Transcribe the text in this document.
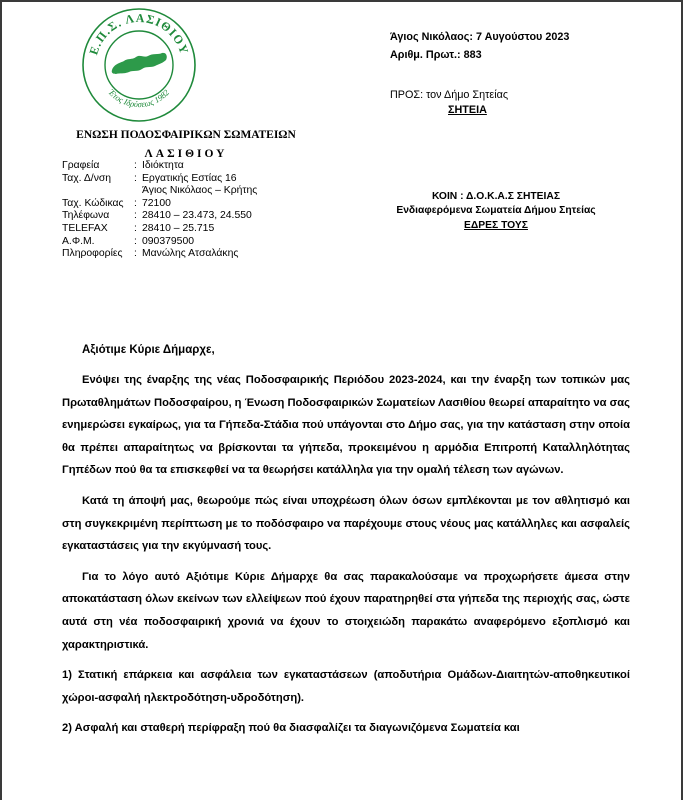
Ε.Π.Σ. ΛΑΣΙΘΙΟΥ
Έτος Ιδρύσεως 1982
ΕΝΩΣΗ ΠΟΔΟΣΦΑΙΡΙΚΩΝ ΣΩΜΑΤΕΙΩΝ
ΛΑΣΙΘΙΟΥ
Γραφεία	: Ιδιόκτητα
Ταχ. Δ/νση	: Εργατικής Εστίας 16
Άγιος Νικόλαος – Κρήτης
Ταχ. Κώδικας	: 72100
Τηλέφωνα	: 28410 – 23.473, 24.550
TELEFAX	: 28410 – 25.715
Α.Φ.Μ.	: 090379500
Πληροφορίες	: Μανώλης Ατσαλάκης
Άγιος Νικόλαος: 7 Αυγούστου 2023
Αριθμ. Πρωτ.: 883
ΠΡΟΣ: τον Δήμο Σητείας
ΣΗΤΕΙΑ
ΚΟΙΝ : Δ.Ο.Κ.Α.Σ ΣΗΤΕΙΑΣ
Ενδιαφερόμενα Σωματεία Δήμου Σητείας
ΕΔΡΕΣ ΤΟΥΣ
Αξιότιμε Κύριε Δήμαρχε,

Ενόψει της έναρξης της νέας Ποδοσφαιρικής Περιόδου 2023-2024, και την έναρξη των τοπικών μας Πρωταθλημάτων Ποδοσφαίρου, η Ένωση Ποδοσφαιρικών Σωματείων Λασιθίου θεωρεί απαραίτητο να σας ενημερώσει εγκαίρως, για τα Γήπεδα-Στάδια πού υπάγονται στο Δήμο σας, για την κατάσταση στην οποία θα πρέπει απαραίτητως να βρίσκονται τα γήπεδα, προκειμένου η αρμόδια Επιτροπή Καταλληλότητας Γηπέδων πού θα τα επισκεφθεί να τα θεωρήσει κατάλληλα για την ομαλή τέλεση των αγώνων.

Κατά τη άποψή μας, θεωρούμε πώς είναι υποχρέωση όλων όσων εμπλέκονται με τον αθλητισμό και στη συγκεκριμένη περίπτωση με το ποδόσφαιρο να παρέχουμε στους νέους μας κατάλληλες και ασφαλείς εγκαταστάσεις για την εκγύμνασή τους.

Για το λόγο αυτό Αξιότιμε Κύριε Δήμαρχε θα σας παρακαλούσαμε να προχωρήσετε άμεσα στην αποκατάσταση όλων εκείνων των ελλείψεων πού έχουν παρατηρηθεί στα γήπεδα της περιοχής σας, ώστε αυτά στη νέα ποδοσφαιρική χρονιά να έχουν το στοιχειώδη παρακάτω αναφερόμενο εξοπλισμό και χαρακτηριστικά.

1) Στατική επάρκεια και ασφάλεια των εγκαταστάσεων (αποδυτήρια Ομάδων-Διαιτητών-αποθηκευτικοί χώροι-ασφαλή ηλεκτροδότηση-υδροδότηση).

2) Ασφαλή και σταθερή περίφραξη πού θα διασφαλίζει τα διαγωνιζόμενα Σωματεία και
